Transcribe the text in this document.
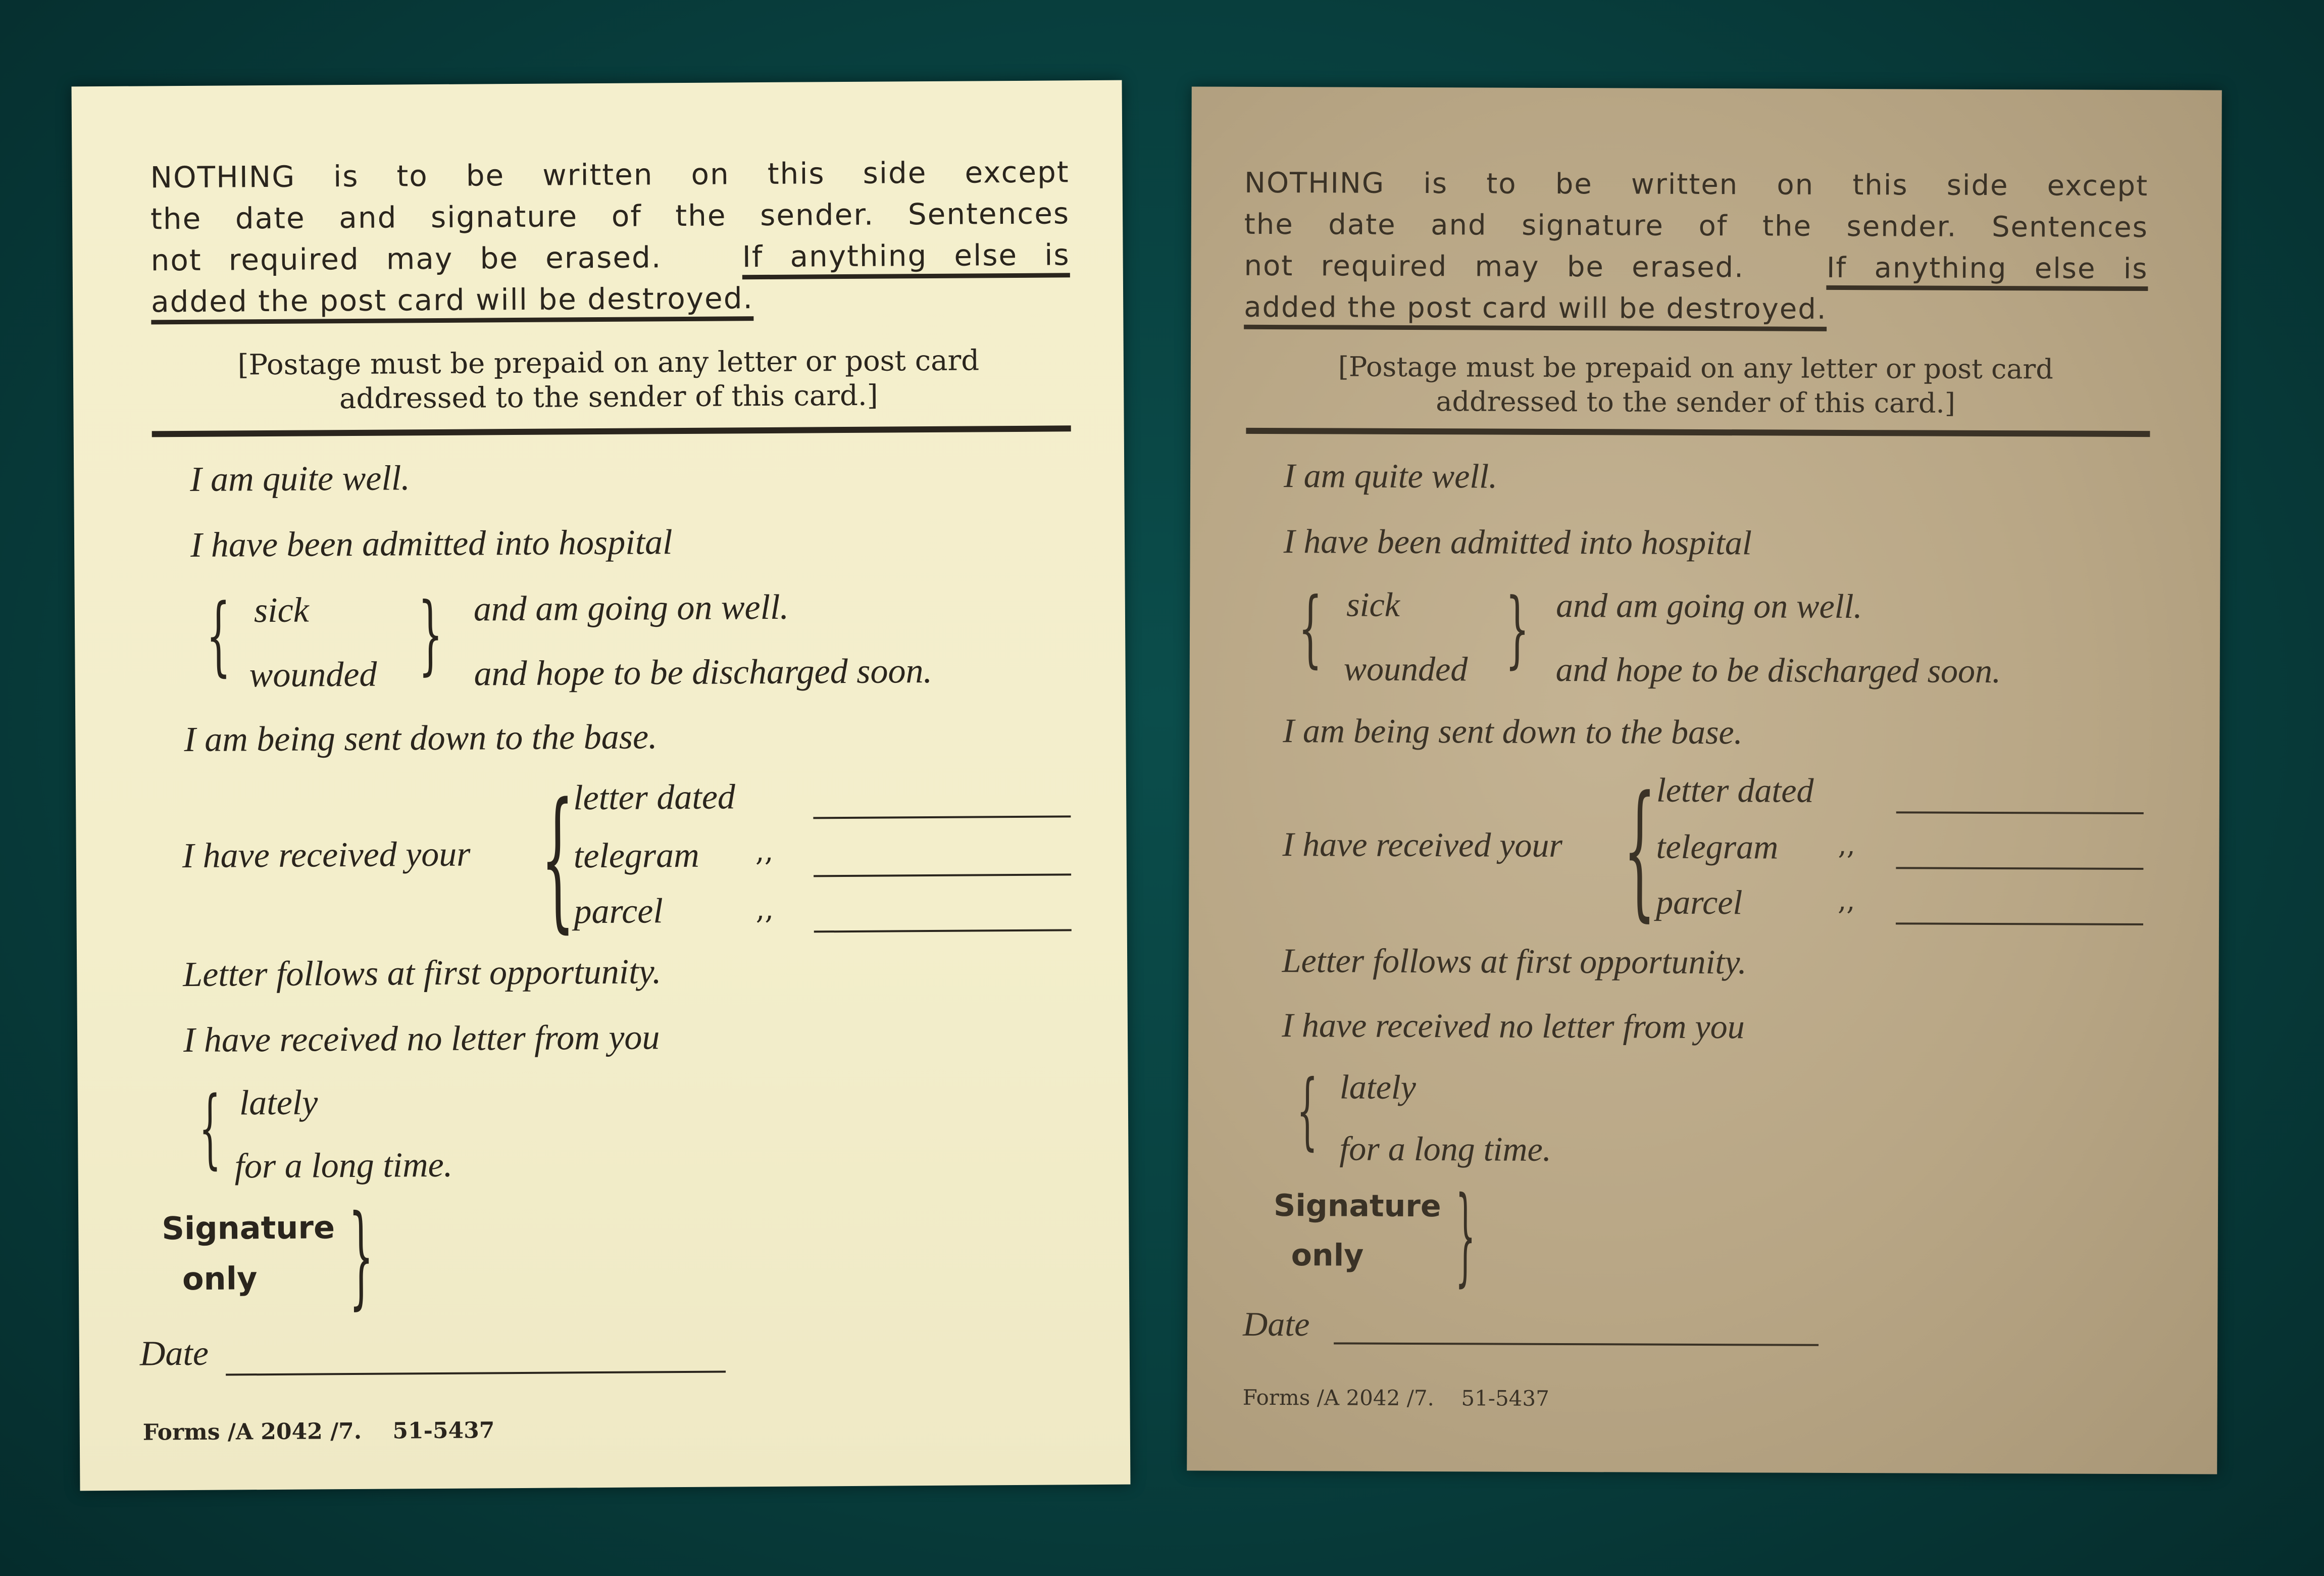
NOTHING is to be written on this side except
the date and signature of the sender. Sentences
not required may be erased.	If anything else is
added the post card will be destroyed.
[Postage must be prepaid on any letter or post card
addressed to the sender of this card.]
I am quite well.
I have been admitted into hospital
{ sick
wounded } and am going on well.
and hope to be discharged soon.
I am being sent down to the base.
I have received your {
letter dated
telegram
parcel
,,
,,
Letter follows at first opportunity.
I have received no letter from you
{ lately
for a long time.
Signature
only }
Date
Forms /A 2042 /7. 51-5437
NOTHING is to be written on this side except
the date and signature of the sender. Sentences
not required may be erased.	If anything else is
added the post card will be destroyed.
[Postage must be prepaid on any letter or post card
addressed to the sender of this card.]
I am quite well.
I have been admitted into hospital
{ sick
wounded } and am going on well.
and hope to be discharged soon.
I am being sent down to the base.
I have received your { letter dated
telegram
parcel
,,
,,
Letter follows at first opportunity.
I have received no letter from you
{ lately
for a long time.
Signature
only }
Date
Forms /A 2042 /7. 51-5437
